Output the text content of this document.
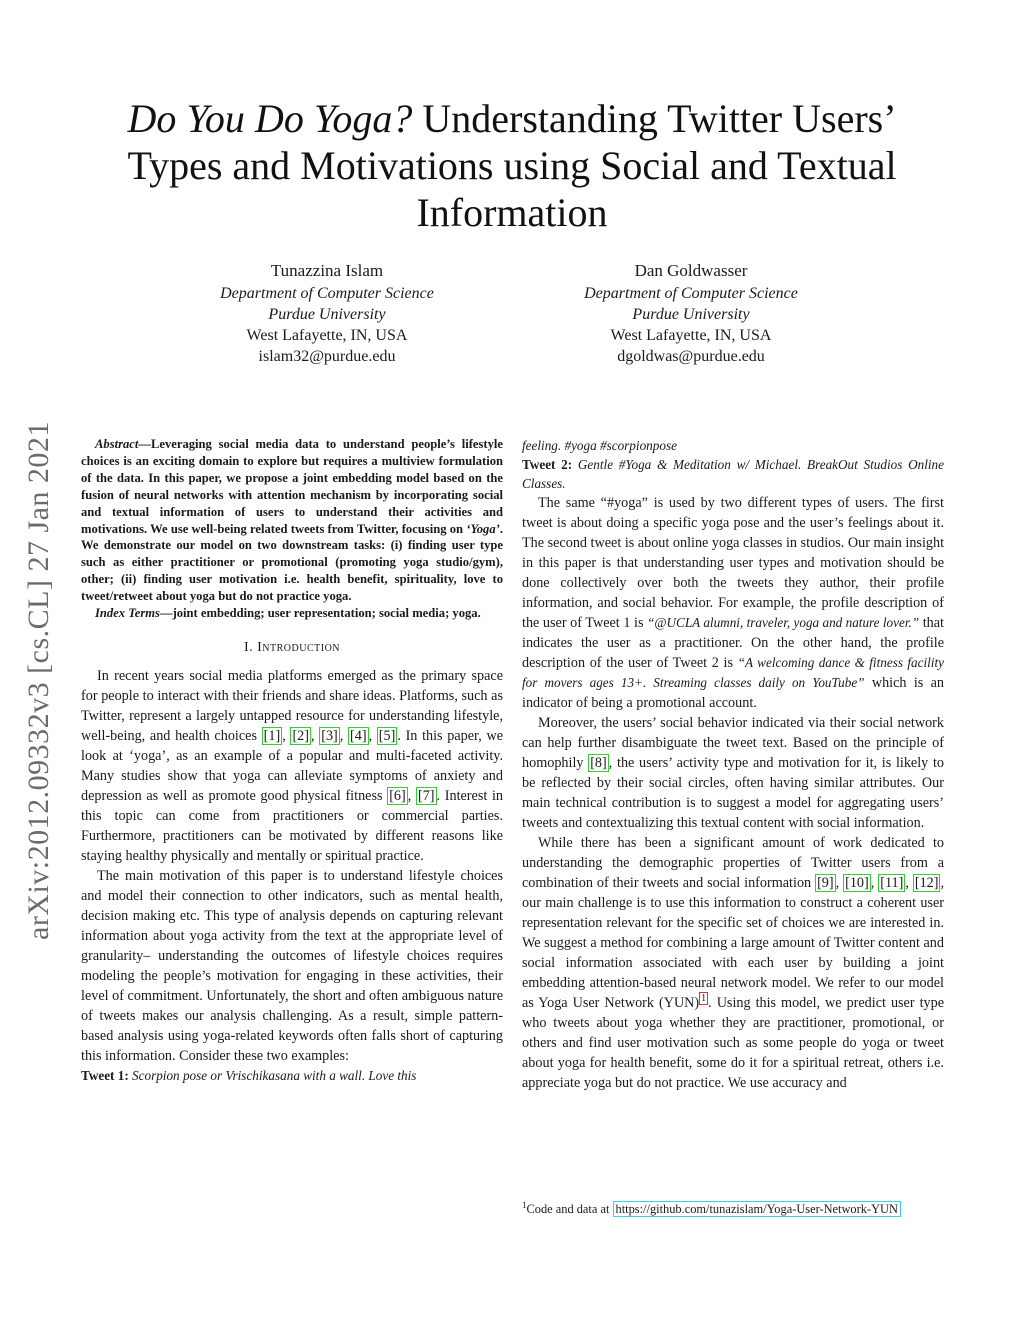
arXiv:2012.09332v3 [cs.CL] 27 Jan 2021
Do You Do Yoga? Understanding Twitter Users’
Types and Motivations using Social and Textual
Information
Tunazzina Islam
Department of Computer Science
Purdue University
West Lafayette, IN, USA
islam32@purdue.edu
Dan Goldwasser
Department of Computer Science
Purdue University
West Lafayette, IN, USA
dgoldwas@purdue.edu

Abstract—Leveraging social media data to understand people’s lifestyle choices is an exciting domain to explore but requires a multiview formulation of the data. In this paper, we propose a joint embedding model based on the fusion of neural networks with attention mechanism by incorporating social and textual information of users to understand their activities and motivations. We use well-being related tweets from Twitter, focusing on ‘Yoga’. We demonstrate our model on two downstream tasks: (i) finding user type such as either practitioner or promotional (promoting yoga studio/gym), other; (ii) finding user motivation i.e. health benefit, spirituality, love to tweet/retweet about yoga but do not practice yoga.

Index Terms—joint embedding; user representation; social media; yoga.

I. Introduction

In recent years social media platforms emerged as the primary space for people to interact with their friends and share ideas. Platforms, such as Twitter, represent a largely untapped resource for understanding lifestyle, well-being, and health choices [1] , [2] , [3] , [4] , [5] . In this paper, we look at ‘yoga’, as an example of a popular and multi-faceted activity. Many studies show that yoga can alleviate symptoms of anxiety and depression as well as promote good physical fitness [6] , [7] . Interest in this topic can come from practitioners or commercial parties. Furthermore, practitioners can be motivated by different reasons like staying healthy physically and mentally or spiritual practice.

The main motivation of this paper is to understand lifestyle choices and model their connection to other indicators, such as mental health, decision making etc. This type of analysis depends on capturing relevant information about yoga activity from the text at the appropriate level of granularity– understanding the outcomes of lifestyle choices requires modeling the people’s motivation for engaging in these activities, their level of commitment. Unfortunately, the short and often ambiguous nature of tweets makes our analysis challenging. As a result, simple pattern-based analysis using yoga-related keywords often falls short of capturing this information. Consider these two examples:

Tweet 1: Scorpion pose or Vrischikasana with a wall. Love this

feeling. #yoga #scorpionpose

Tweet 2: Gentle #Yoga & Meditation w/ Michael. BreakOut Studios Online Classes.

The same “#yoga” is used by two different types of users. The first tweet is about doing a specific yoga pose and the user’s feelings about it. The second tweet is about online yoga classes in studios. Our main insight in this paper is that understanding user types and motivation should be done collectively over both the tweets they author, their profile information, and social behavior. For example, the profile description of the user of Tweet 1 is “@UCLA alumni, traveler, yoga and nature lover.” that indicates the user as a practitioner. On the other hand, the profile description of the user of Tweet 2 is “A welcoming dance & fitness facility for movers ages 13+. Streaming classes daily on YouTube” which is an indicator of being a promotional account.

Moreover, the users’ social behavior indicated via their social network can help further disambiguate the tweet text. Based on the principle of homophily [8] , the users’ activity type and motivation for it, is likely to be reflected by their social circles, often having similar attributes. Our main technical contribution is to suggest a model for aggregating users’ tweets and contextualizing this textual content with social information.

While there has been a significant amount of work dedicated to understanding the demographic properties of Twitter users from a combination of their tweets and social information [9] , [10] , [11] , [12] , our main challenge is to use this information to construct a coherent user representation relevant for the specific set of choices we are interested in. We suggest a method for combining a large amount of Twitter content and social information associated with each user by building a joint embedding attention-based neural network model. We refer to our model as Yoga User Network (YUN) $^1$ . Using this model, we predict user type who tweets about yoga whether they are practitioner, promotional, or others and find user motivation such as some people do yoga or tweet about yoga for health benefit, some do it for a spiritual retreat, others i.e. appreciate yoga but do not practice. We use accuracy and

$^1$Code and data at https://github.com/tunazislam/Yoga-User-Network-YUN
